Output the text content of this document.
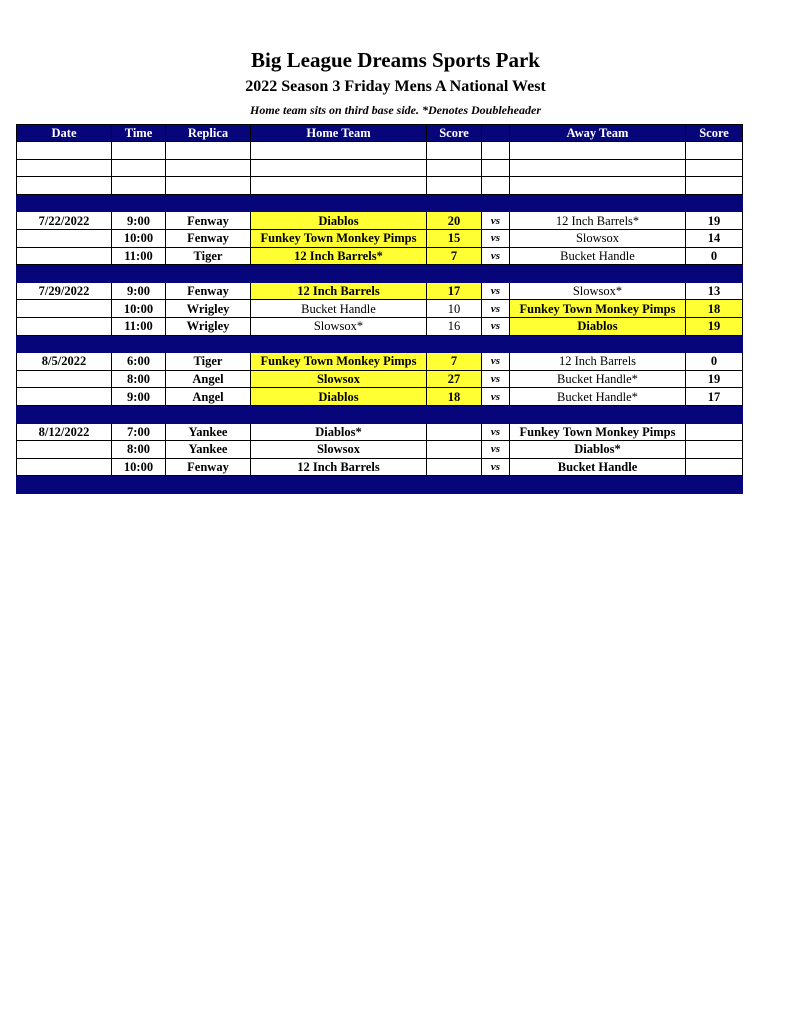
Big League Dreams Sports Park
2022 Season 3 Friday Mens A National West
Home team sits on third base side. *Denotes Doubleheader
Date	Time	Replica	Home Team	Score		Away Team	Score

7/22/2022	9:00	Fenway	Diablos	20	vs	12 Inch Barrels*	19
	10:00	Fenway	Funkey Town Monkey Pimps	15	vs	Slowsox	14
	11:00	Tiger	12 Inch Barrels*	7	vs	Bucket Handle	0

7/29/2022	9:00	Fenway	12 Inch Barrels	17	vs	Slowsox*	13
	10:00	Wrigley	Bucket Handle	10	vs	Funkey Town Monkey Pimps	18
	11:00	Wrigley	Slowsox*	16	vs	Diablos	19

8/5/2022	6:00	Tiger	Funkey Town Monkey Pimps	7	vs	12 Inch Barrels	0
	8:00	Angel	Slowsox	27	vs	Bucket Handle*	19
	9:00	Angel	Diablos	18	vs	Bucket Handle*	17

8/12/2022	7:00	Yankee	Diablos*		vs	Funkey Town Monkey Pimps	
	8:00	Yankee	Slowsox		vs	Diablos*	
	10:00	Fenway	12 Inch Barrels		vs	Bucket Handle	
